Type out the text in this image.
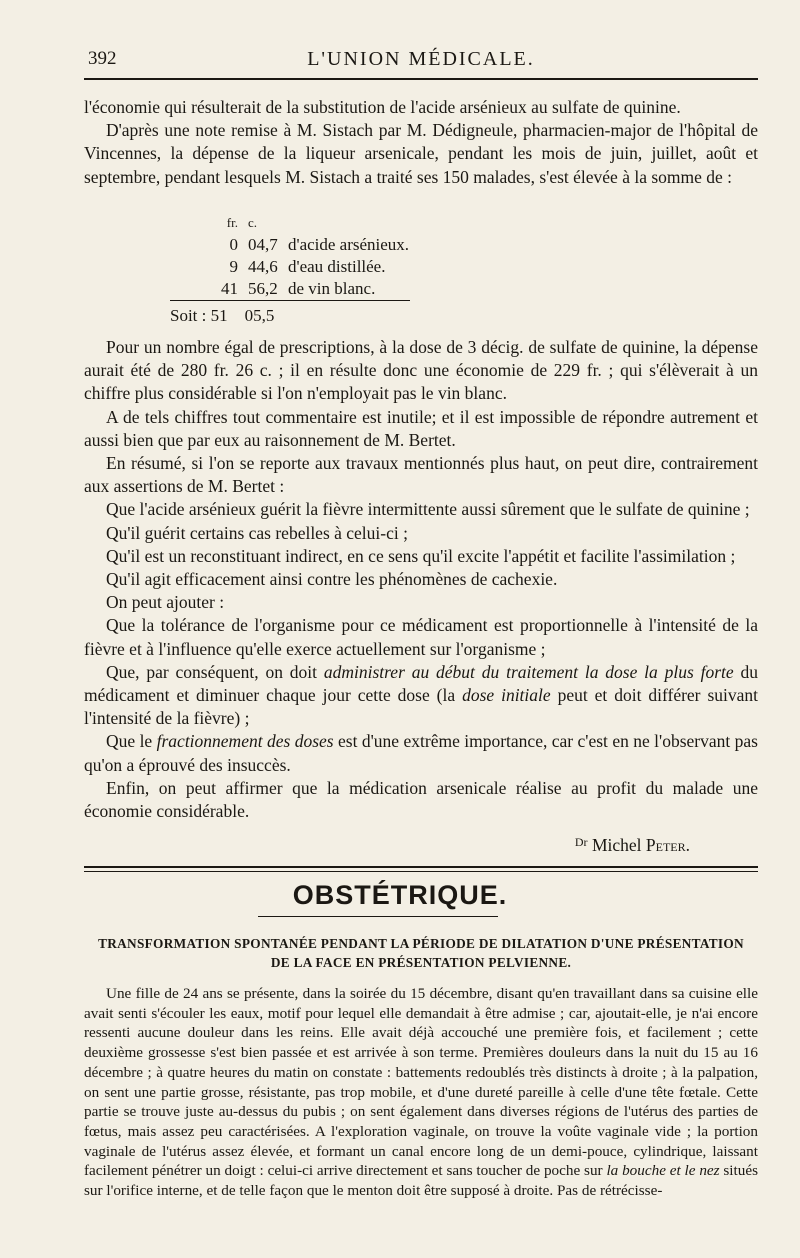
392	L'UNION MÉDICALE.

l'économie qui résulterait de la substitution de l'acide arsénieux au sulfate de quinine.

D'après une note remise à M. Sistach par M. Dédigneule, pharmacien-major de l'hôpital de Vincennes, la dépense de la liqueur arsenicale, pendant les mois de juin, juillet, août et septembre, pendant lesquels M. Sistach a traité ses 150 malades, s'est élevée à la somme de :

fr.	c.	
0	04,7	d'acide arsénieux.
9	44,6	d'eau distillée.
41	56,2	de vin blanc.
Soit : 51    05,5

Pour un nombre égal de prescriptions, à la dose de 3 décig. de sulfate de quinine, la dépense aurait été de 280 fr. 26 c. ; il en résulte donc une économie de 229 fr. ; qui s'élèverait à un chiffre plus considérable si l'on n'employait pas le vin blanc.

A de tels chiffres tout commentaire est inutile; et il est impossible de répondre autrement et aussi bien que par eux au raisonnement de M. Bertet.

En résumé, si l'on se reporte aux travaux mentionnés plus haut, on peut dire, contrairement aux assertions de M. Bertet :

Que l'acide arsénieux guérit la fièvre intermittente aussi sûrement que le sulfate de quinine ;

Qu'il guérit certains cas rebelles à celui-ci ;

Qu'il est un reconstituant indirect, en ce sens qu'il excite l'appétit et facilite l'assimilation ;

Qu'il agit efficacement ainsi contre les phénomènes de cachexie.

On peut ajouter :

Que la tolérance de l'organisme pour ce médicament est proportionnelle à l'intensité de la fièvre et à l'influence qu'elle exerce actuellement sur l'organisme ;

Que, par conséquent, on doit administrer au début du traitement la dose la plus forte du médicament et diminuer chaque jour cette dose (la dose initiale peut et doit différer suivant l'intensité de la fièvre) ;

Que le fractionnement des doses est d'une extrême importance, car c'est en ne l'observant pas qu'on a éprouvé des insuccès.

Enfin, on peut affirmer que la médication arsenicale réalise au profit du malade une économie considérable.

$^{Dr}$ Michel Peter.
OBSTÉTRIQUE.
TRANSFORMATION SPONTANÉE PENDANT LA PÉRIODE DE DILATATION D'UNE PRÉSENTATION
DE LA FACE EN PRÉSENTATION PELVIENNE.

Une fille de 24 ans se présente, dans la soirée du 15 décembre, disant qu'en travaillant dans sa cuisine elle avait senti s'écouler les eaux, motif pour lequel elle demandait à être admise ; car, ajoutait-elle, je n'ai encore ressenti aucune douleur dans les reins. Elle avait déjà accouché une première fois, et facilement ; cette deuxième grossesse s'est bien passée et est arrivée à son terme. Premières douleurs dans la nuit du 15 au 16 décembre ; à quatre heures du matin on constate : battements redoublés très distincts à droite ; à la palpation, on sent une partie grosse, résistante, pas trop mobile, et d'une dureté pareille à celle d'une tête fœtale. Cette partie se trouve juste au-dessus du pubis ; on sent également dans diverses régions de l'utérus des parties de fœtus, mais assez peu caractérisées. A l'exploration vaginale, on trouve la voûte vaginale vide ; la portion vaginale de l'utérus assez élevée, et formant un canal encore long de un demi-pouce, cylindrique, laissant facilement pénétrer un doigt : celui-ci arrive directement et sans toucher de poche sur la bouche et le nez situés sur l'orifice interne, et de telle façon que le menton doit être supposé à droite. Pas de rétrécisse-
